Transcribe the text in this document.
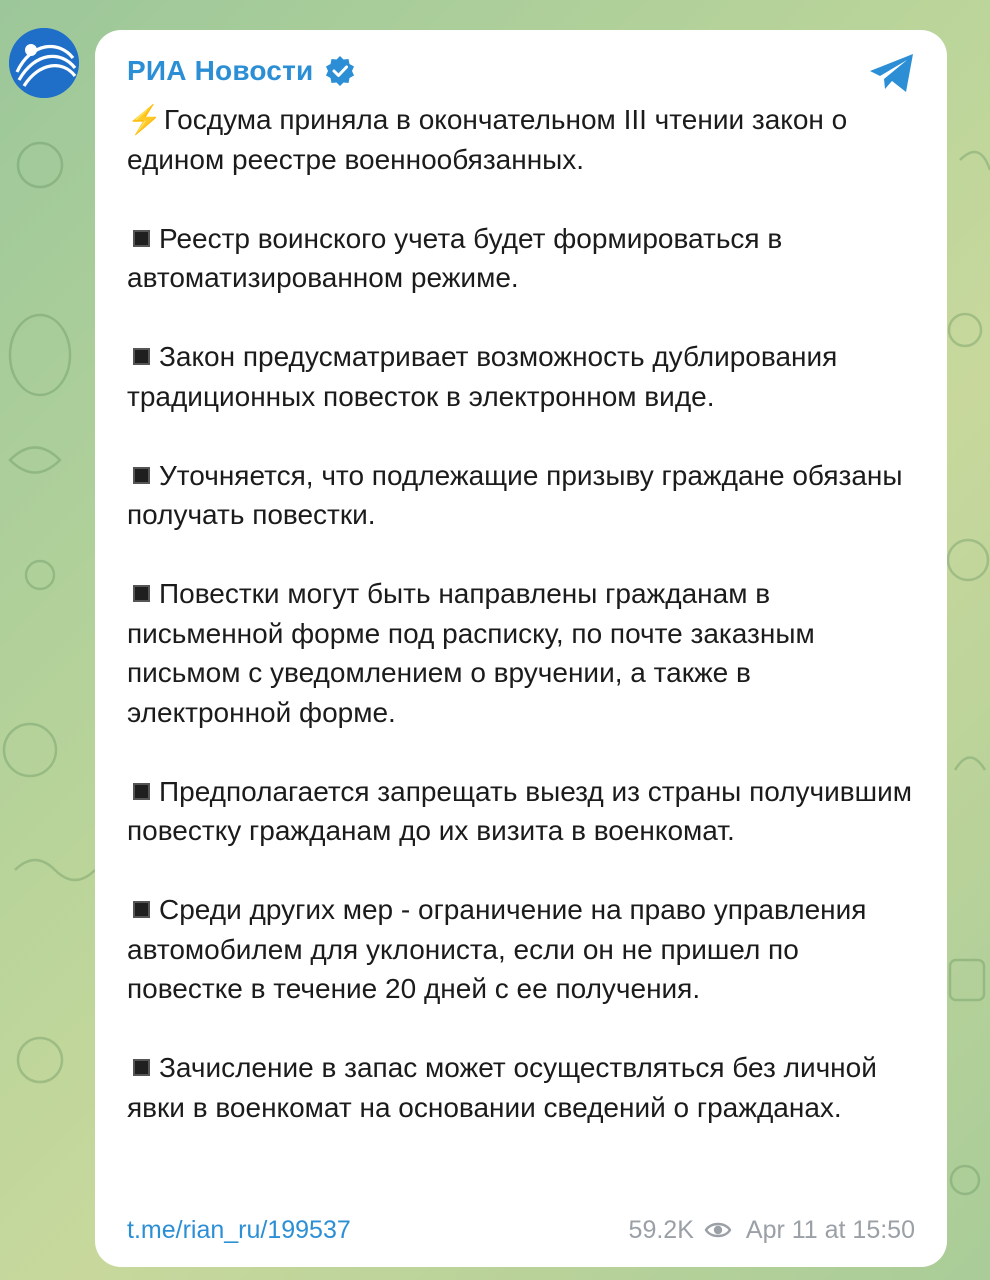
РИА Новости
⚡Госдума приняла в окончательном III чтении закон о едином реестре военнообязанных.
Реестр воинского учета будет формироваться в автоматизированном режиме.
Закон предусматривает возможность дублирования традиционных повесток в электронном виде.
Уточняется, что подлежащие призыву граждане обязаны получать повестки.
Повестки могут быть направлены гражданам в письменной форме под расписку, по почте заказным письмом с уведомлением о вручении, а также в электронной форме.
Предполагается запрещать выезд из страны получившим повестку гражданам до их визита в военкомат.
Среди других мер - ограничение на право управления автомобилем для уклониста, если он не пришел по повестке в течение 20 дней с ее получения.
Зачисление в запас может осуществляться без личной явки в военкомат на основании сведений о гражданах.
t.me/rian_ru/199537	59.2K Apr 11 at 15:50
